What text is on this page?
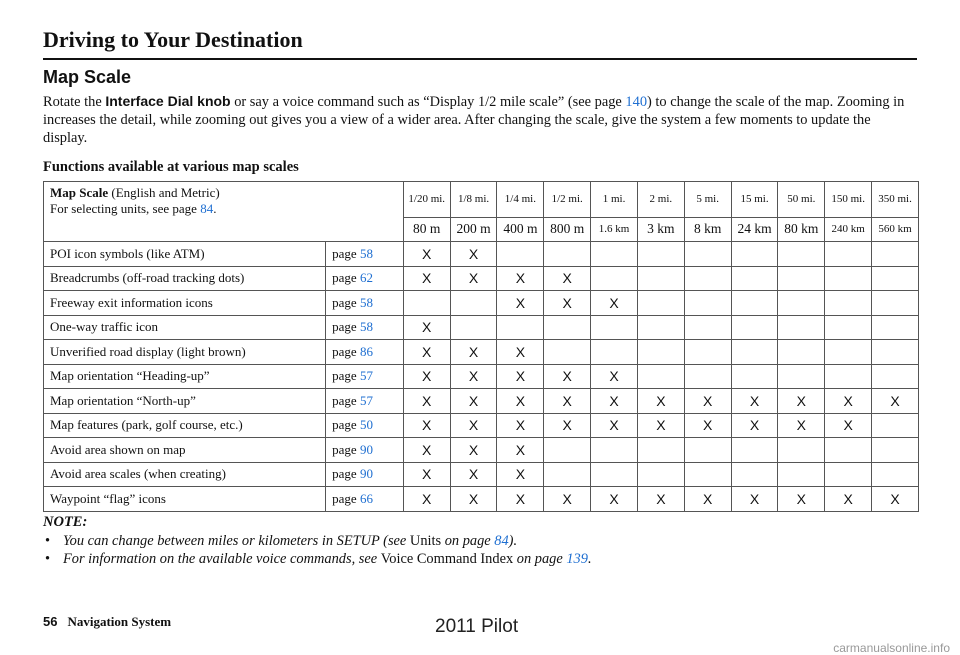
Driving to Your Destination
Map Scale
Rotate the Interface Dial knob or say a voice command such as “Display 1/2 mile scale” (see page 140) to change the scale of the map. Zooming in increases the detail, while zooming out gives you a view of a wider area. After changing the scale, give the system a few moments to update the display.
Functions available at various map scales
Map Scale (English and Metric)
For selecting units, see page 84.		1/20 mi.	1/8 mi.	1/4 mi.	1/2 mi.	1 mi.	2 mi.	5 mi.	15 mi.	50 mi.	150 mi.	350 mi.
		80 m	200 m	400 m	800 m	1.6 km	3 km	8 km	24 km	80 km	240 km	560 km
POI icon symbols (like ATM)	page 58	X	X									
Breadcrumbs (off-road tracking dots)	page 62	X	X	X	X							
Freeway exit information icons	page 58			X	X	X						
One-way traffic icon	page 58	X										
Unverified road display (light brown)	page 86	X	X	X								
Map orientation “Heading-up”	page 57	X	X	X	X	X						
Map orientation “North-up”	page 57	X	X	X	X	X	X	X	X	X	X	X
Map features (park, golf course, etc.)	page 50	X	X	X	X	X	X	X	X	X	X	
Avoid area shown on map	page 90	X	X	X								
Avoid area scales (when creating)	page 90	X	X	X								
Waypoint “flag” icons	page 66	X	X	X	X	X	X	X	X	X	X	X
NOTE:
• You can change between miles or kilometers in SETUP (see Units on page 84).
• For information on the available voice commands, see Voice Command Index on page 139.
56 Navigation System	2011 Pilot
carmanualsonline.info
